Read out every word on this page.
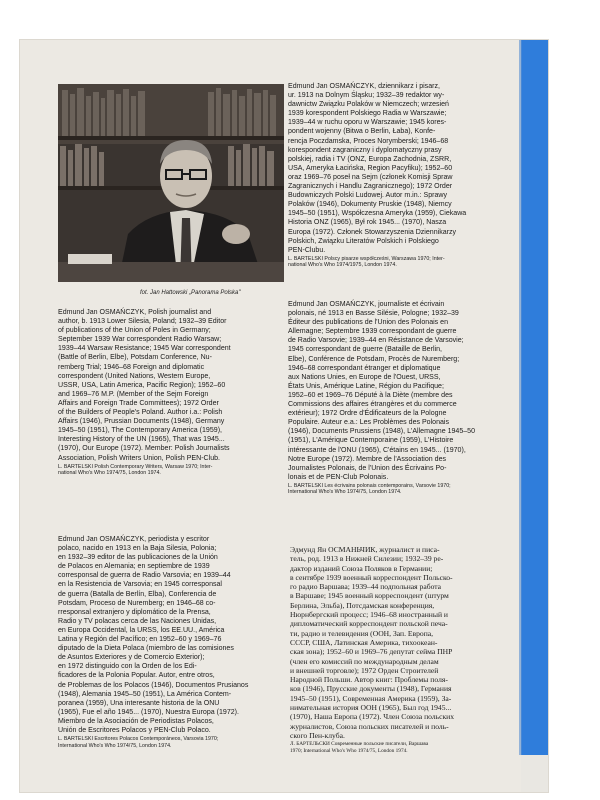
fot. Jan Hattowski „Panorama Polska"
Edmund Jan OSMAŃCZYK, dziennikarz i pisarz,
ur. 1913 na Dolnym Śląsku; 1932–39 redaktor wy-
dawnictw Związku Polaków w Niemczech; wrzesień
1939 korespondent Polskiego Radia w Warszawie;
1939–44 w ruchu oporu w Warszawie; 1945 kores-
pondent wojenny (Bitwa o Berlin, Łaba), Konfe-
rencja Poczdamska, Proces Norymberski; 1946–68
korespondent zagraniczny i dyplomatyczny prasy
polskiej, radia i TV (ONZ, Europa Zachodnia, ZSRR,
USA, Ameryka Łacińska, Region Pacyfiku); 1952–60
oraz 1969–76 poseł na Sejm (członek Komisji Spraw
Zagranicznych i Handlu Zagranicznego); 1972 Order
Budowniczych Polski Ludowej. Autor m.in.: Sprawy
Polaków (1946), Dokumenty Pruskie (1948), Niemcy
1945–50 (1951), Współczesna Ameryka (1959), Ciekawa
Historia ONZ (1965), Był rok 1945... (1970), Nasza
Europa (1972). Członek Stowarzyszenia Dziennikarzy
Polskich, Związku Literatów Polskich i Polskiego
PEN-Clubu.
L. BARTELSKI Polscy pisarze współcześni, Warszawa 1970; Inter-
national Who's Who 1974/1975, London 1974.
Edmund Jan OSMAŃCZYK, journaliste et écrivain
polonais, né 1913 en Basse Silésie, Pologne; 1932–39
Éditeur des publications de l'Union des Polonais en
Allemagne; Septembre 1939 correspondant de guerre
de Radio Varsovie; 1939–44 en Résistance de Varsovie;
1945 correspondant de guerre (Bataille de Berlin,
Elbe), Conférence de Potsdam, Procès de Nuremberg;
1946–68 correspondant étranger et diplomatique
aux Nations Unies, en Europe de l'Ouest, URSS,
États Unis, Amérique Latine, Région du Pacifique;
1952–60 et 1969–76 Député à la Diète (membre des
Commissions des affaires étrangères et du commerce
extérieur); 1972 Ordre d'Édificateurs de la Pologne
Populaire. Auteur e.a.: Les Problèmes des Polonais
(1946), Documents Prussiens (1948), L'Allemagne 1945–50
(1951), L'Amérique Contemporaine (1959), L'Histoire
intéressante de l'ONU (1965), C'étains en 1945... (1970),
Notre Europe (1972). Membre de l'Association des
Journalistes Polonais, de l'Union des Écrivains Po-
lonais et de PEN-Club Polonais.
L. BARTELSKI Les écrivains polonais contemporains, Varsovie 1970;
International Who's Who 1974/75, London 1974.
Edmund Jan OSMAŃCZYK, Polish journalist and
author, b. 1913 Lower Silesia, Poland; 1932–39 Editor
of publications of the Union of Poles in Germany;
September 1939 War correspondent Radio Warsaw;
1939–44 Warsaw Resistance; 1945 War correspondent
(Battle of Berlin, Elbe), Potsdam Conference, Nu-
remberg Trial; 1946–68 Foreign and diplomatic
correspondent (United Nations, Western Europe,
USSR, USA, Latin America, Pacific Region); 1952–60
and 1969–76 M.P. (Member of the Sejm Foreign
Affairs and Foreign Trade Committees); 1972 Order
of the Builders of People's Poland. Author i.a.: Polish
Affairs (1946), Prussian Documents (1948), Germany
1945–50 (1951), The Contemporary America (1959),
Interesting History of the UN (1965), That was 1945...
(1970), Our Europe (1972). Member: Polish Journalists
Association, Polish Writers Union, Polish PEN-Club.
L. BARTELSKI Polish Contemporary Writers, Warsaw 1970; Inter-
national Who's Who 1974/75, London 1974.
Edmund Jan OSMAŃCZYK, periodista y escritor
polaco, nacido en 1913 en la Baja Silesia, Polonia;
en 1932–39 editor de las publicaciones de la Unión
de Polacos en Alemania; en septiembre de 1939
corresponsal de guerra de Radio Varsovia; en 1939–44
en la Resistencia de Varsovia; en 1945 corresponsal
de guerra (Batalla de Berlín, Elba), Conferencia de
Potsdam, Proceso de Nuremberg; en 1946–68 co-
rresponsal extranjero y diplomático de la Prensa,
Radio y TV polacas cerca de las Naciones Unidas,
en Europa Occidental, la URSS, los EE.UU., América
Latina y Región del Pacífico; en 1952–60 y 1969–76
diputado de la Dieta Polaca (miembro de las comisiones
de Asuntos Exteriores y de Comercio Exterior);
en 1972 distinguido con la Orden de los Edi-
ficadores de la Polonia Popular. Autor, entre otros,
de Problemas de los Polacos (1946), Documentos Prusianos
(1948), Alemania 1945–50 (1951), La América Contem-
poranea (1959), Una interesante historia de la ONU
(1965), Fue el año 1945... (1970), Nuestra Europa (1972).
Miembro de la Asociación de Periodistas Polacos,
Unión de Escritores Polacos y PEN-Club Polaco.
L. BARTELSKI Escritores Polacos Contemporáneos, Varsovia 1970;
International Who's Who 1974/75, London 1974.
Эдмунд Ян ОСМАНЬЧИК, журналист и писа-
тель, род. 1913 в Нижней Силезии; 1932–39 ре-
дактор изданий Союза Поляков в Германии;
в сентябре 1939 военный корреспондент Польско-
го радио Варшава; 1939–44 подпольная работа
в Варшаве; 1945 военный корреспондент (штурм
Берлина, Эльба), Потсдамская конференция,
Нюрнбергский процесс; 1946–68 иностранный и
дипломатический корреспондент польской печа-
ти, радио и телевидения (ООН, Зап. Европа,
СССР, США, Латинская Америка, тихоокеан-
ская зона); 1952–60 и 1969–76 депутат сейма ПНР
(член его комиссий по международным делам
и внешней торговле); 1972 Орден Строителей
Народной Польши. Автор книг: Проблемы поля-
ков (1946), Прусские документы (1948), Германия
1945–50 (1951), Современная Америка (1959), За-
нимательная история ООН (1965), Был год 1945...
(1970), Наша Европа (1972). Член Союза польских
журналистов, Союза польских писателей и поль-
ского Пен-клуба.
Л. БАРТЕЛЬСКИ Современные польские писатели, Варшава
1970; International Who's Who 1974/75, London 1974.
